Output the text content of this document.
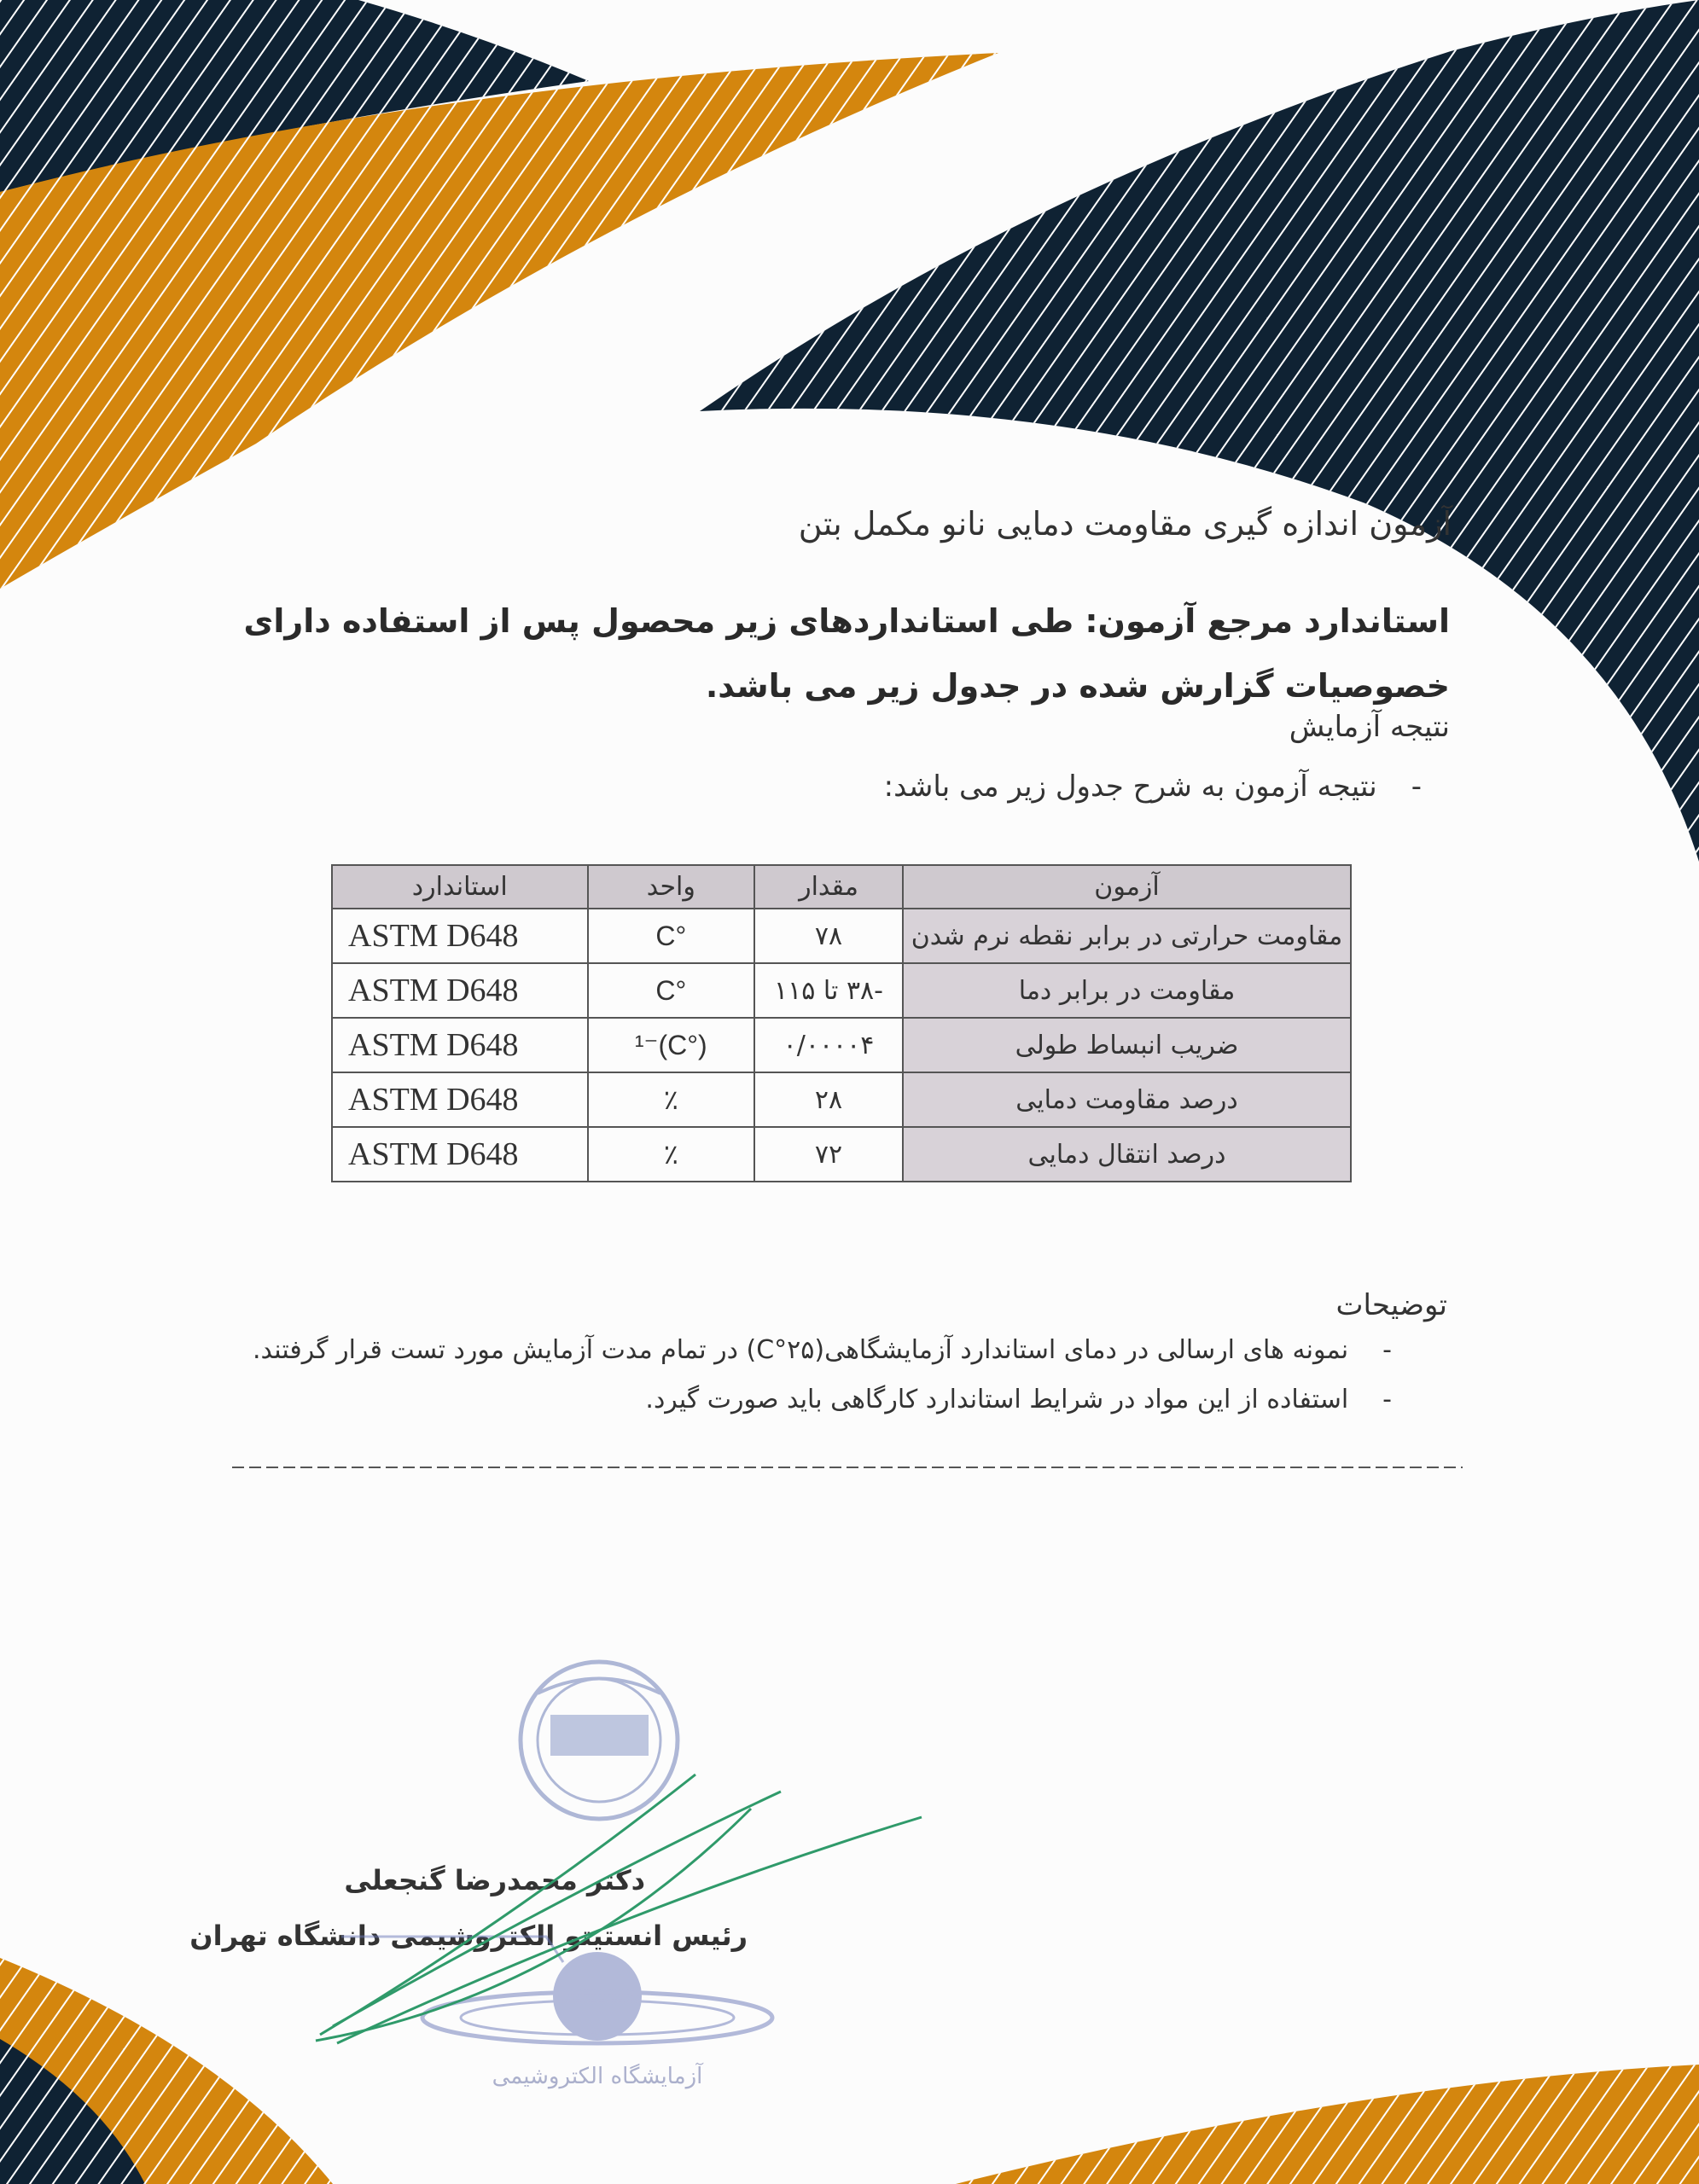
آزمون اندازه گیری مقاومت دمایی نانو مکمل بتن
استاندارد مرجع آزمون: طی استانداردهای زیر محصول پس از استفاده دارای خصوصیات گزارش شده در جدول زیر می باشد.
نتیجه آزمایش
-نتیجه آزمون به شرح جدول زیر می باشد:
آزمون	مقدار	واحد	استاندارد
مقاومت حرارتی در برابر نقطه نرم شدن	۷۸	°C	ASTM D648
مقاومت در برابر دما	-۳۸ تا ۱۱۵	°C	ASTM D648
ضریب انبساط طولی	۰/۰۰۰۰۴	(°C)⁻¹	ASTM D648
درصد مقاومت دمایی	۲۸	٪	ASTM D648
درصد انتقال دمایی	۷۲	٪	ASTM D648
توضیحات
-نمونه های ارسالی در دمای استاندارد آزمایشگاهی(C°۲۵) در تمام مدت آزمایش مورد تست قرار گرفتند.
-استفاده از این مواد در شرایط استاندارد کارگاهی باید صورت گیرد.
دکتر محمدرضا گنجعلی
رئیس انستیتو الکتروشیمی دانشگاه تهران
آزمایشگاه الکتروشیمی
